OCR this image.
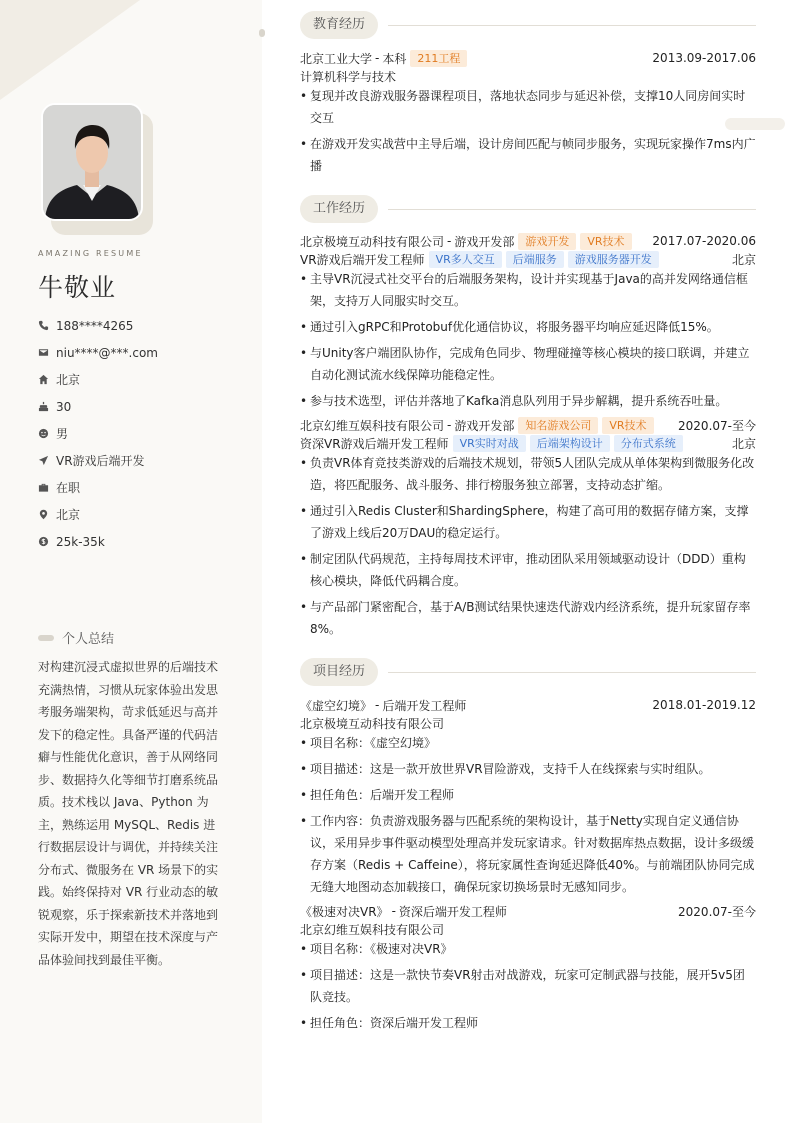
AMAZING RESUME
牛敬业
188****4265
niu****@***.com
北京
30
男
VR游戏后端开发
在职
北京
25k-35k
个人总结
对构建沉浸式虚拟世界的后端技术充满热情，习惯从玩家体验出发思考服务端架构，苛求低延迟与高并发下的稳定性。具备严谨的代码洁癖与性能优化意识，善于从网络同步、数据持久化等细节打磨系统品质。技术栈以 Java、Python 为主，熟练运用 MySQL、Redis 进行数据层设计与调优，并持续关注分布式、微服务在 VR 场景下的实践。始终保持对 VR 行业动态的敏锐观察，乐于探索新技术并落地到实际开发中，期望在技术深度与产品体验间找到最佳平衡。
教育经历
北京工业大学 - 本科	211工程	2013.09-2017.06
计算机科学与技术
• 复现并改良游戏服务器课程项目，落地状态同步与延迟补偿，支撑10人同房间实时交互
• 在游戏开发实战营中主导后端，设计房间匹配与帧同步服务，实现玩家操作7ms内广播
工作经历
北京极境互动科技有限公司 - 游戏开发部	游戏开发	VR技术	2017.07-2020.06
VR游戏后端开发工程师	VR多人交互	后端服务	游戏服务器开发	北京
• 主导VR沉浸式社交平台的后端服务架构，设计并实现基于Java的高并发网络通信框架，支持万人同服实时交互。
• 通过引入gRPC和Protobuf优化通信协议，将服务器平均响应延迟降低15%。
• 与Unity客户端团队协作，完成角色同步、物理碰撞等核心模块的接口联调，并建立自动化测试流水线保障功能稳定性。
• 参与技术选型，评估并落地了Kafka消息队列用于异步解耦，提升系统吞吐量。
北京幻维互娱科技有限公司 - 游戏开发部	知名游戏公司	VR技术	2020.07-至今
资深VR游戏后端开发工程师	VR实时对战	后端架构设计	分布式系统	北京
• 负责VR体育竞技类游戏的后端技术规划，带领5人团队完成从单体架构到微服务化改造，将匹配服务、战斗服务、排行榜服务独立部署，支持动态扩缩。
• 通过引入Redis Cluster和ShardingSphere，构建了高可用的数据存储方案，支撑了游戏上线后20万DAU的稳定运行。
• 制定团队代码规范，主持每周技术评审，推动团队采用领域驱动设计（DDD）重构核心模块，降低代码耦合度。
• 与产品部门紧密配合，基于A/B测试结果快速迭代游戏内经济系统，提升玩家留存率8%。
项目经历
《虚空幻境》 - 后端开发工程师	2018.01-2019.12
北京极境互动科技有限公司
• 项目名称：《虚空幻境》
• 项目描述：这是一款开放世界VR冒险游戏，支持千人在线探索与实时组队。
• 担任角色：后端开发工程师
• 工作内容：负责游戏服务器与匹配系统的架构设计，基于Netty实现自定义通信协议，采用异步事件驱动模型处理高并发玩家请求。针对数据库热点数据，设计多级缓存方案（Redis + Caffeine），将玩家属性查询延迟降低40%。与前端团队协同完成无缝大地图动态加载接口，确保玩家切换场景时无感知同步。
《极速对决VR》 - 资深后端开发工程师	2020.07-至今
北京幻维互娱科技有限公司
• 项目名称：《极速对决VR》
• 项目描述：这是一款快节奏VR射击对战游戏，玩家可定制武器与技能，展开5v5团队竞技。
• 担任角色：资深后端开发工程师
